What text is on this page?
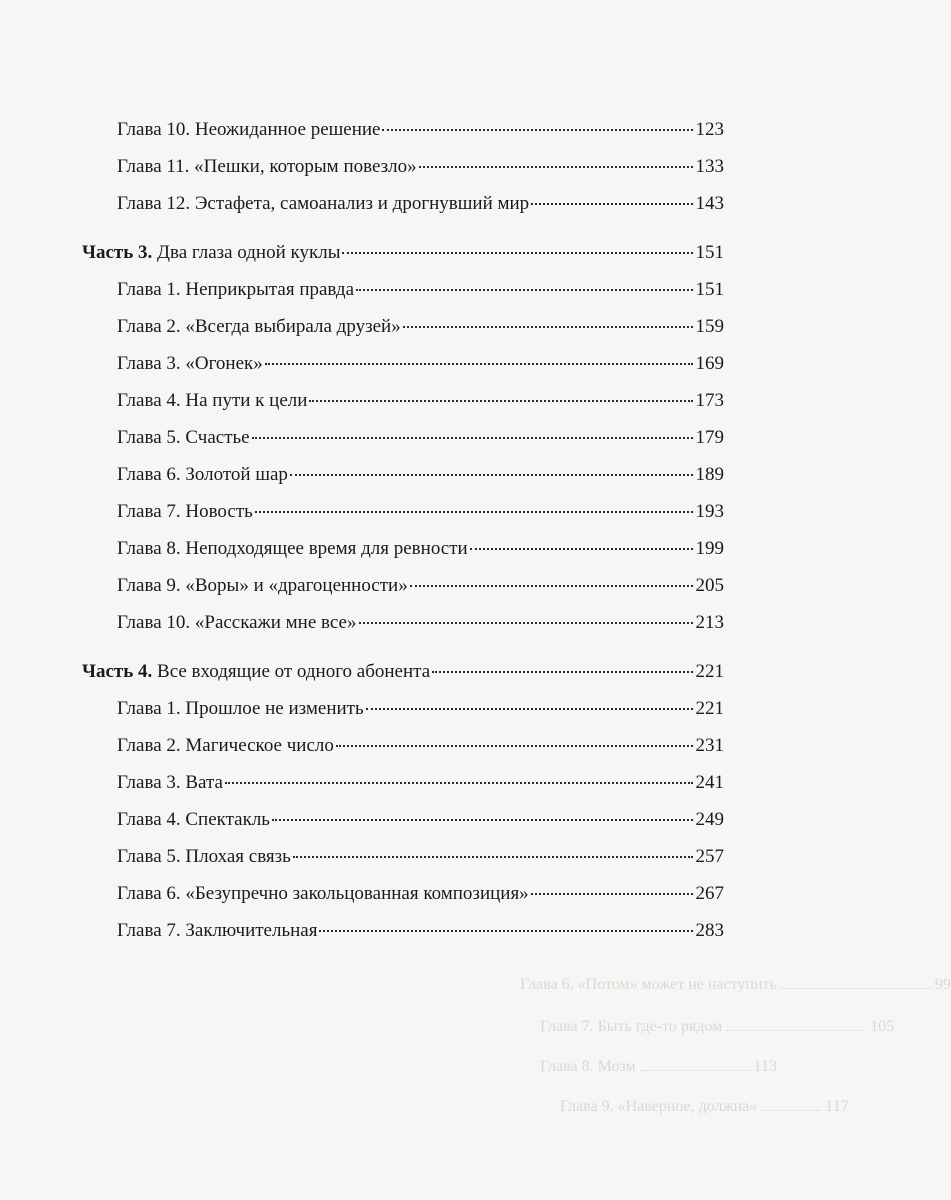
Глава 6. «Потом» может не наступить	99
Глава 7. Быть где-то рядом	105
Глава 8. Мозм	113
Глава 9. «Наверное, должна»	117
Глава 10. Неожиданное решение	123
Глава 11. «Пешки, которым повезло»	133
Глава 12. Эстафета, самоанализ и дрогнувший мир	143
Часть 3. Два глаза одной куклы	151
Глава 1. Неприкрытая правда	151
Глава 2. «Всегда выбирала друзей»	159
Глава 3. «Огонек»	169
Глава 4. На пути к цели	173
Глава 5. Счастье	179
Глава 6. Золотой шар	189
Глава 7. Новость	193
Глава 8. Неподходящее время для ревности	199
Глава 9. «Воры» и «драгоценности»	205
Глава 10. «Расскажи мне все»	213
Часть 4. Все входящие от одного абонента	221
Глава 1. Прошлое не изменить	221
Глава 2. Магическое число	231
Глава 3. Вата	241
Глава 4. Спектакль	249
Глава 5. Плохая связь	257
Глава 6. «Безупречно закольцованная композиция»	267
Глава 7. Заключительная	283
